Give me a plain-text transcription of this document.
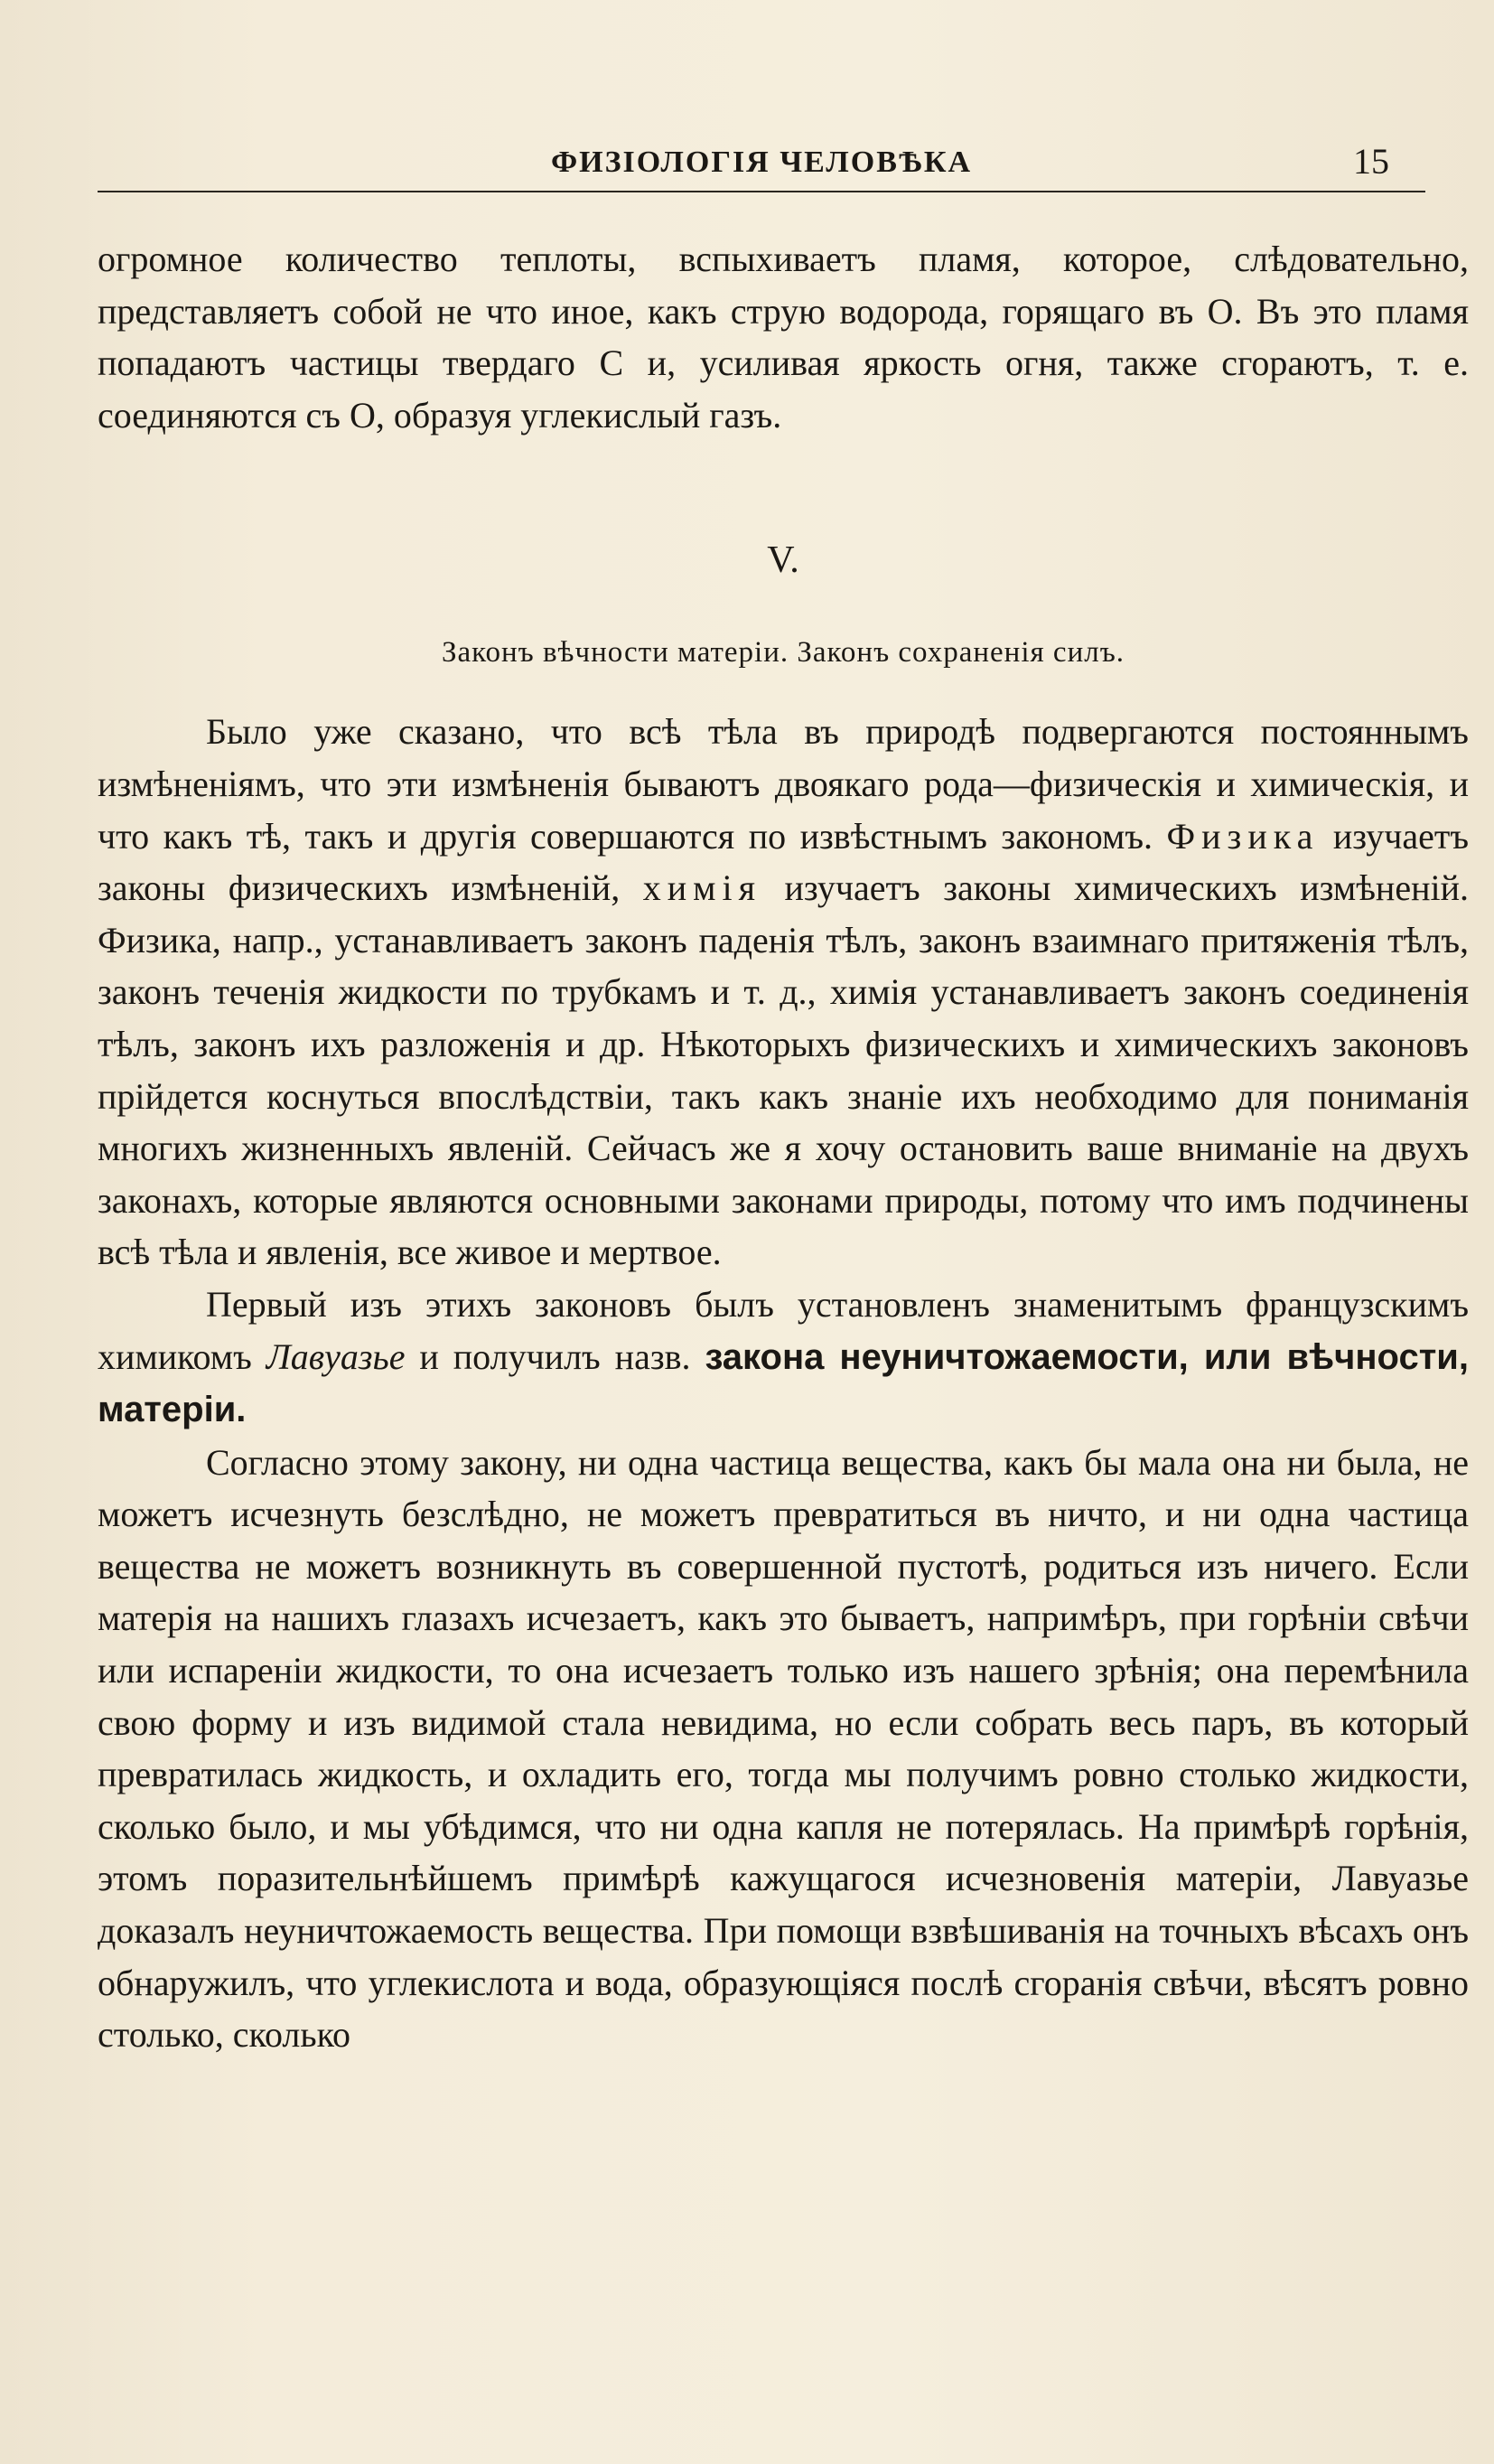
ФИЗІОЛОГІЯ ЧЕЛОВѢКА	15

огромное количество теплоты, вспыхиваетъ пламя, которое, слѣдовательно, представляетъ собой не что иное, какъ струю водорода, горящаго въ O. Въ это пламя попадаютъ частицы твердаго C и, усиливая яркость огня, также сгораютъ, т. е. соединяются съ O, образуя углекислый газъ.

V.
Законъ вѣчности матеріи. Законъ сохраненія силъ.

Было уже сказано, что всѣ тѣла въ природѣ подвергаются постояннымъ измѣненіямъ, что эти измѣненія бываютъ двоякаго рода—физическія и химическія, и что какъ тѣ, такъ и другія совершаются по извѣстнымъ закономъ. Физика изучаетъ законы физическихъ измѣненій, химія изучаетъ законы химическихъ измѣненій. Физика, напр., устанавливаетъ законъ паденія тѣлъ, законъ взаимнаго притяженія тѣлъ, законъ теченія жидкости по трубкамъ и т. д., химія устанавливаетъ законъ соединенія тѣлъ, законъ ихъ разложенія и др. Нѣкоторыхъ физическихъ и химическихъ законовъ прійдется коснуться впослѣдствіи, такъ какъ знаніе ихъ необходимо для пониманія многихъ жизненныхъ явленій. Сейчасъ же я хочу остановить ваше вниманіе на двухъ законахъ, которые являются основными законами природы, потому что имъ подчинены всѣ тѣла и явленія, все живое и мертвое.

Первый изъ этихъ законовъ былъ установленъ знаменитымъ французскимъ химикомъ Лавуазье и получилъ назв. закона неуничтожаемости, или вѣчности, матеріи.

Согласно этому закону, ни одна частица вещества, какъ бы мала она ни была, не можетъ исчезнуть безслѣдно, не можетъ превратиться въ ничто, и ни одна частица вещества не можетъ возникнуть въ совершенной пустотѣ, родиться изъ ничего. Если матерія на нашихъ глазахъ исчезаетъ, какъ это бываетъ, напримѣръ, при горѣніи свѣчи или испареніи жидкости, то она исчезаетъ только изъ нашего зрѣнія; она перемѣнила свою форму и изъ видимой стала невидима, но если собрать весь паръ, въ который превратилась жидкость, и охладить его, тогда мы получимъ ровно столько жидкости, сколько было, и мы убѣдимся, что ни одна капля не потерялась. На примѣрѣ горѣнія, этомъ поразительнѣйшемъ примѣрѣ кажущагося исчезновенія матеріи, Лавуазье доказалъ неуничтожаемость вещества. При помощи взвѣшиванія на точныхъ вѣсахъ онъ обнаружилъ, что углекислота и вода, образующіяся послѣ сгоранія свѣчи, вѣсятъ ровно столько, сколько
